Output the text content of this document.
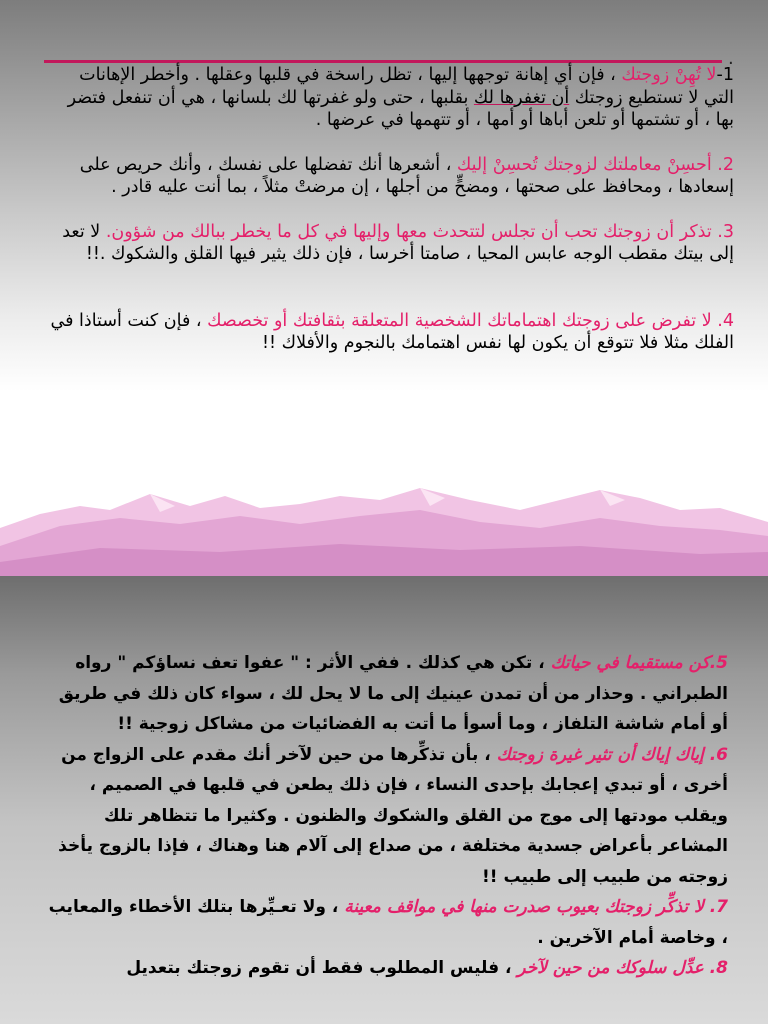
.

1-لا تُهِنْ زوجتك ، فإن أي إهانة توجهها إليها ، تظل راسخة في قلبها وعقلها . وأخطر الإهانات التي لا تستطيع زوجتك أن تغفرها لك بقلبها ، حتى ولو غفرتها لك بلسانها ، هي أن تنفعل فتضر بها ، أو تشتمها أو تلعن أباها أو أمها ، أو تتهمها في عرضها .

2. أحسِنْ معاملتك لزوجتك تُحسِنْ إليك ، أشعرها أنك تفضلها على نفسك ، وأنك حريص على إسعادها ، ومحافظ على صحتها ، ومضحٍّ من أجلها ، إن مرضتْ مثلاً ، بما أنت عليه قادر .

3. تذكر أن زوجتك تحب أن تجلس لتتحدث معها وإليها في كل ما يخطر ببالك من شؤون. لا تعد إلى بيتك مقطب الوجه عابس المحيا ، صامتا أخرسا ، فإن ذلك يثير فيها القلق والشكوك .!!

4. لا تفرض على زوجتك اهتماماتك الشخصية المتعلقة بثقافتك أو تخصصك ، فإن كنت أستاذا في الفلك مثلا فلا تتوقع أن يكون لها نفس اهتمامك بالنجوم والأفلاك !!

5.كن مستقيما في حياتك ، تكن هي كذلك . ففي الأثر : " عفوا تعف نساؤكم " رواه الطبراني . وحذار من أن تمدن عينيك إلى ما لا يحل لك ، سواء كان ذلك في طريق أو أمام شاشة التلفاز ، وما أسوأ ما أتت به الفضائيات من مشاكل زوجية !!

6. إياك إياك أن تثير غيرة زوجتك ، بأن تذكِّرها من حين لآخر أنك مقدم على الزواج من أخرى ، أو تبدي إعجابك بإحدى النساء ، فإن ذلك يطعن في قلبها في الصميم ، ويقلب مودتها إلى موج من القلق والشكوك والظنون . وكثيرا ما تتظاهر تلك المشاعر بأعراض جسدية مختلفة ، من صداع إلى آلام هنا وهناك ، فإذا بالزوج يأخذ زوجته من طبيب إلى طبيب !!

7. لا تذكِّر زوجتك بعيوب صدرت منها في مواقف معينة ، ولا تعـيِّرها بتلك الأخطاء والمعايب ، وخاصة أمام الآخرين .

8. عدِّل سلوكك من حين لآخر ، فليس المطلوب فقط أن تقوم زوجتك بتعديل
